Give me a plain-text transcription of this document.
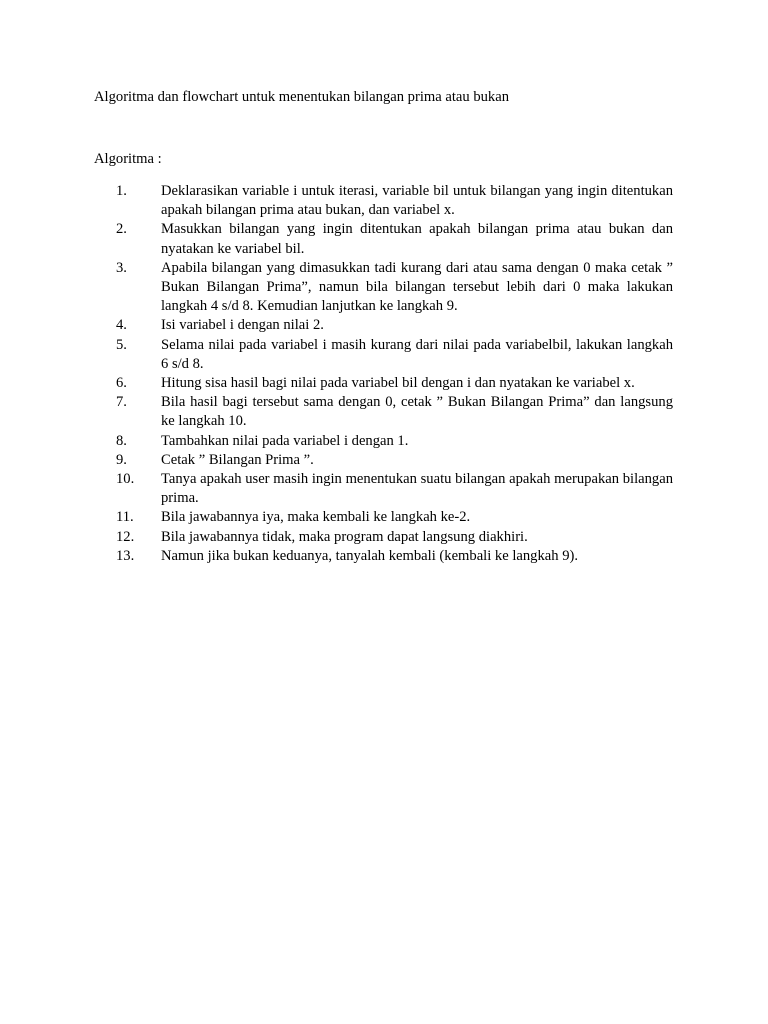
Algoritma dan flowchart untuk menentukan bilangan prima atau bukan

Algoritma :

1.	Deklarasikan variable i untuk iterasi, variable bil untuk bilangan yang ingin ditentukan apakah bilangan prima atau bukan, dan variabel x.
2.	Masukkan bilangan yang ingin ditentukan apakah bilangan prima atau bukan dan nyatakan ke variabel bil.
3.	Apabila bilangan yang dimasukkan tadi kurang dari atau sama dengan 0 maka cetak ” Bukan Bilangan Prima”, namun bila bilangan tersebut lebih dari 0 maka lakukan langkah 4 s/d 8. Kemudian lanjutkan ke langkah 9.
4.	Isi variabel i dengan nilai 2.
5.	Selama nilai pada variabel i masih kurang dari nilai pada variabelbil, lakukan langkah 6 s/d 8.
6.	Hitung sisa hasil bagi nilai pada variabel bil dengan i dan nyatakan ke variabel x.
7.	Bila hasil bagi tersebut sama dengan 0, cetak ” Bukan Bilangan Prima” dan langsung ke langkah 10.
8.	Tambahkan nilai pada variabel i dengan 1.
9.	Cetak ” Bilangan Prima ”.
10.	Tanya apakah user masih ingin menentukan suatu bilangan apakah merupakan bilangan prima.
11.	Bila jawabannya iya, maka kembali ke langkah ke-2.
12.	Bila jawabannya tidak, maka program dapat langsung diakhiri.
13.	Namun jika bukan keduanya, tanyalah kembali (kembali ke langkah 9).
